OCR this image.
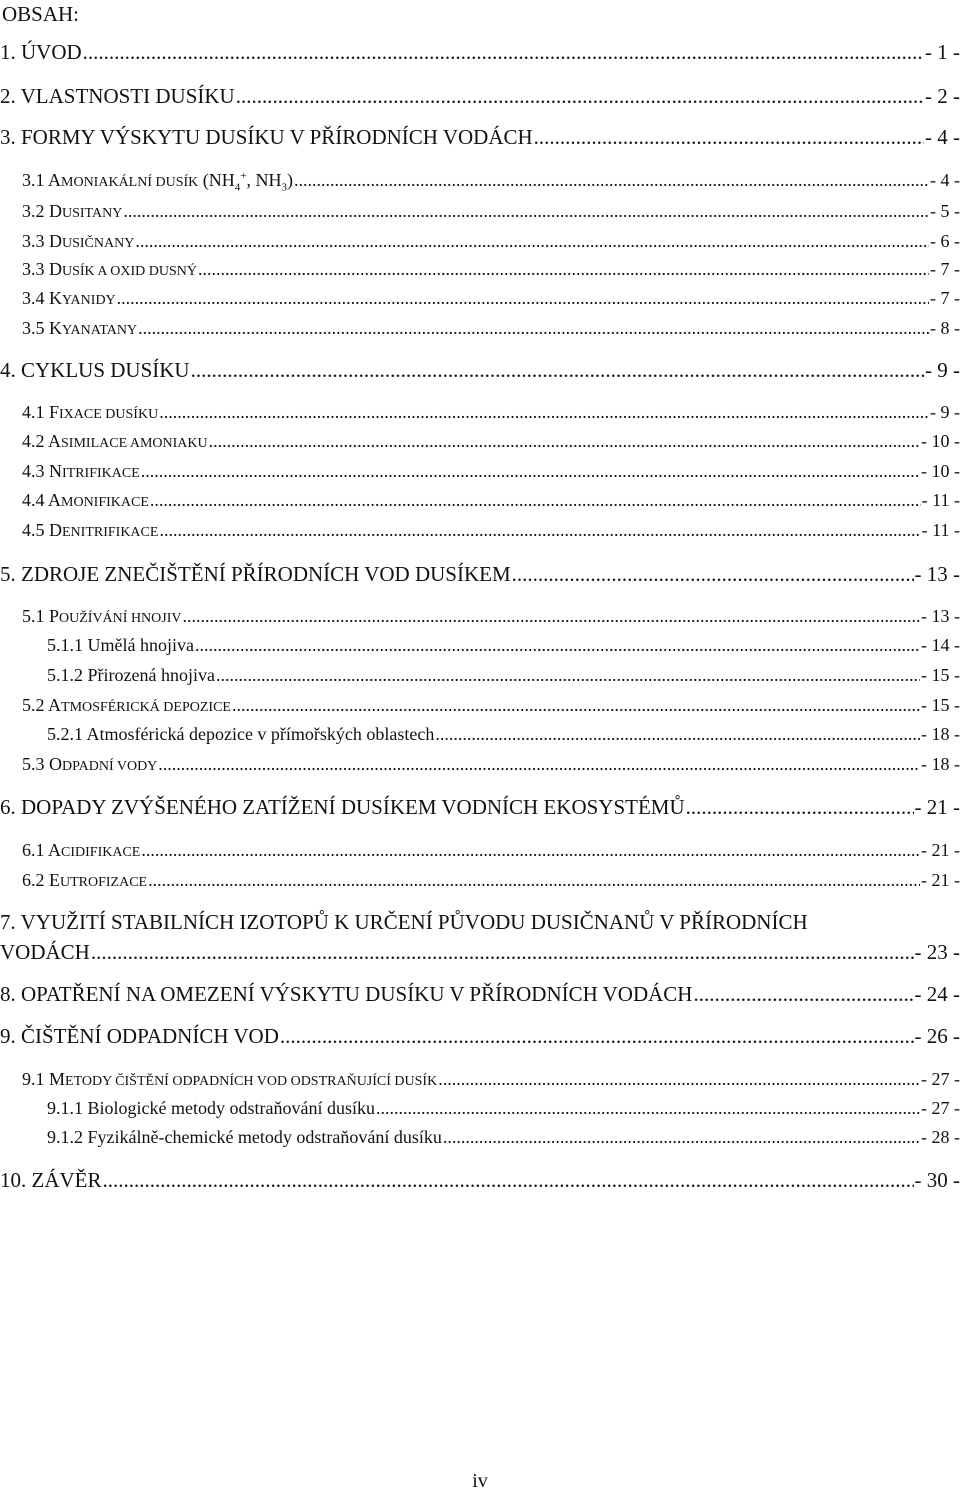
OBSAH:
1. ÚVOD .....	- 1 -
2. VLASTNOSTI DUSÍKU .....	- 2 -
3. FORMY VÝSKYTU DUSÍKU V PŘÍRODNÍCH VODÁCH .....	- 4 -
3.1 AMONIAKÁLNÍ DUSÍK ($NH_4^+$, $NH_3$) .....	- 4 -
3.2 DUSITANY .....	- 5 -
3.3 DUSIČNANY .....	- 6 -
3.3 DUSÍK A OXID DUSNÝ .....	- 7 -
3.4 KYANIDY .....	- 7 -
3.5 KYANATANY .....	- 8 -
4. CYKLUS DUSÍKU .....	- 9 -
4.1 FIXACE DUSÍKU .....	- 9 -
4.2 ASIMILACE AMONIAKU .....	- 10 -
4.3 NITRIFIKACE .....	- 10 -
4.4 AMONIFIKACE .....	- 11 -
4.5 DENITRIFIKACE .....	- 11 -
5. ZDROJE ZNEČIŠTĚNÍ PŘÍRODNÍCH VOD DUSÍKEM .....	- 13 -
5.1 POUŽÍVÁNÍ HNOJIV .....	- 13 -
5.1.1 Umělá hnojiva .....	- 14 -
5.1.2 Přirozená hnojiva .....	- 15 -
5.2 ATMOSFÉRICKÁ DEPOZICE .....	- 15 -
5.2.1 Atmosférická depozice v přímořských oblastech .....	- 18 -
5.3 ODPADNÍ VODY .....	- 18 -
6. DOPADY ZVÝŠENÉHO ZATÍŽENÍ DUSÍKEM VODNÍCH EKOSYSTÉMŮ .....	- 21 -
6.1 ACIDIFIKACE .....	- 21 -
6.2 EUTROFIZACE .....	- 21 -
7. VYUŽITÍ STABILNÍCH IZOTOPŮ K URČENÍ PŮVODU DUSIČNANŮ V PŘÍRODNÍCH
VODÁCH .....	- 23 -
8. OPATŘENÍ NA OMEZENÍ VÝSKYTU DUSÍKU V PŘÍRODNÍCH VODÁCH .....	- 24 -
9. ČIŠTĚNÍ ODPADNÍCH VOD .....	- 26 -
9.1 METODY ČIŠTĚNÍ ODPADNÍCH VOD ODSTRAŇUJÍCÍ DUSÍK .....	- 27 -
9.1.1 Biologické metody odstraňování dusíku .....	- 27 -
9.1.2 Fyzikálně-chemické metody odstraňování dusíku .....	- 28 -
10. ZÁVĚR .....	- 30 -
iv
